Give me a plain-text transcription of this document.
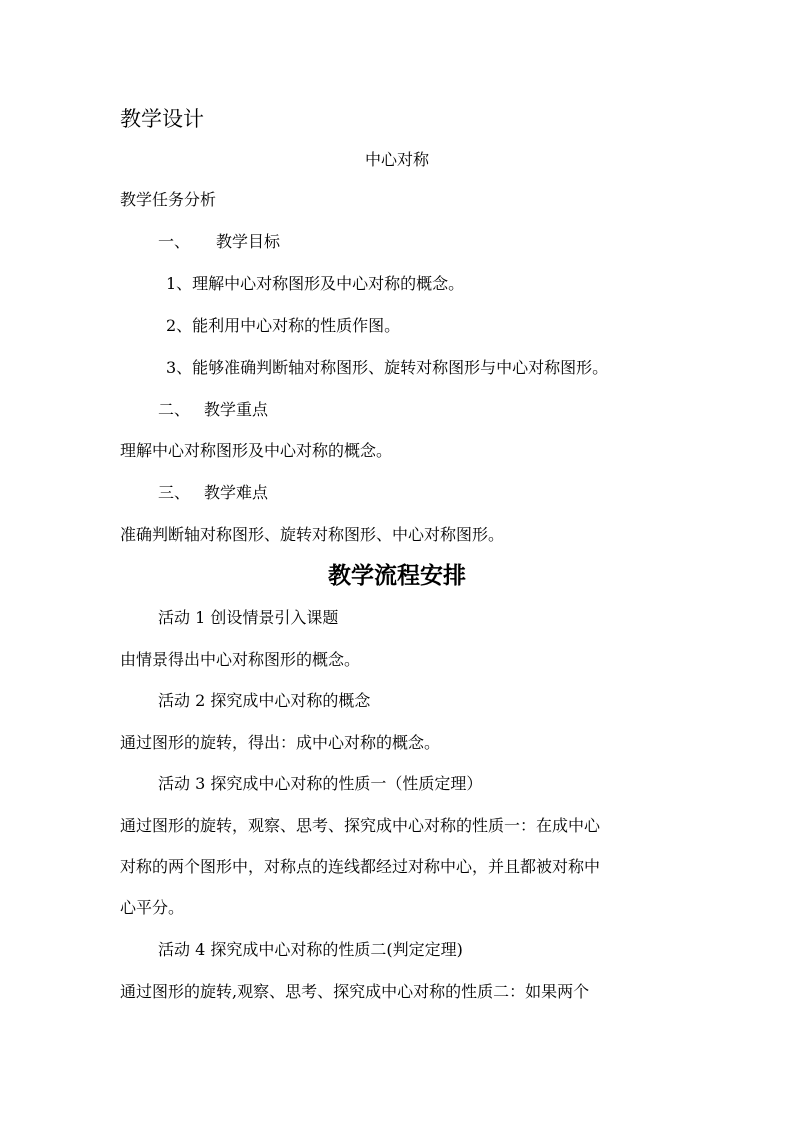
教学设计
中心对称
教学任务分析
一、 教学目标
1、理解中心对称图形及中心对称的概念。
2、能利用中心对称的性质作图。
3、能够准确判断轴对称图形、旋转对称图形与中心对称图形。
二、 教学重点
理解中心对称图形及中心对称的概念。
三、 教学难点
准确判断轴对称图形、旋转对称图形、中心对称图形。
教学流程安排
活动 1 创设情景引入课题
由情景得出中心对称图形的概念。
活动 2 探究成中心对称的概念
通过图形的旋转，得出：成中心对称的概念。
活动 3 探究成中心对称的性质一（性质定理）
通过图形的旋转，观察、思考、探究成中心对称的性质一：在成中心
对称的两个图形中，对称点的连线都经过对称中心，并且都被对称中
心平分。
活动 4 探究成中心对称的性质二(判定定理)
通过图形的旋转,观察、思考、探究成中心对称的性质二：如果两个
